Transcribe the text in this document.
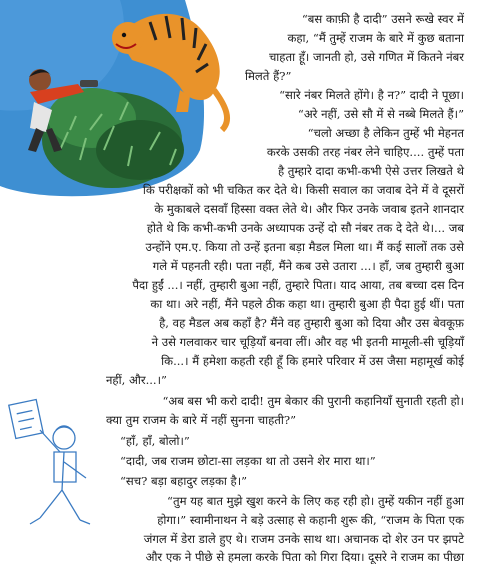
“बस काफ़ी है दादी” उसने रूखे स्वर में
कहा, “मैं तुम्हें राजम के बारे में कुछ बताना
चाहता हूँ। जानती हो, उसे गणित में कितने नंबर
मिलते हैं?”
“सारे नंबर मिलते होंगे। है न?” दादी ने पूछा।
“अरे नहीं, उसे सौ में से नब्बे मिलते हैं।”
“चलो अच्छा है लेकिन तुम्हें भी मेहनत
करके उसकी तरह नंबर लेने चाहिए.... तुम्हें पता
है तुम्हारे दादा कभी-कभी ऐसे उत्तर लिखते थे
कि परीक्षकों को भी चकित कर देते थे। किसी सवाल का जवाब देने में वे दूसरों
के मुकाबले दसवाँ हिस्सा वक्त लेते थे। और फिर उनके जवाब इतने शानदार
होते थे कि कभी-कभी उनके अध्यापक उन्हें दो सौ नंबर तक दे देते थे।... जब
उन्होंने एम.ए. किया तो उन्हें इतना बड़ा मैडल मिला था। मैं कई सालों तक उसे
गले में पहनती रही। पता नहीं, मैंने कब उसे उतारा ...। हाँ, जब तुम्हारी बुआ
पैदा हुईं ...। नहीं, तुम्हारी बुआ नहीं, तुम्हारे पिता। याद आया, तब बच्चा दस दिन
का था। अरे नहीं, मैंने पहले ठीक कहा था। तुम्हारी बुआ ही पैदा हुई थीं। पता
है, वह मैडल अब कहाँ है? मैंने वह तुम्हारी बुआ को दिया और उस बेवकूफ़
ने उसे गलवाकर चार चूड़ियाँ बनवा लीं। और वह भी इतनी मामूली-सी चूड़ियाँ
कि...। मैं हमेशा कहती रही हूँ कि हमारे परिवार में उस जैसा महामूर्ख कोई
नहीं, और...।”
“अब बस भी करो दादी! तुम बेकार की पुरानी कहानियाँ सुनाती रहती हो।
क्या तुम राजम के बारे में नहीं सुनना चाहती?”
“हाँ, हाँ, बोलो।”
“दादी, जब राजम छोटा-सा लड़का था तो उसने शेर मारा था।”
“सच? बड़ा बहादुर लड़का है।”
“तुम यह बात मुझे खुश करने के लिए कह रही हो। तुम्हें यकीन नहीं हुआ
होगा।” स्वामीनाथन ने बड़े उत्साह से कहानी शुरू की, “राजम के पिता एक
जंगल में डेरा डाले हुए थे। राजम उनके साथ था। अचानक दो शेर उन पर झपटे
और एक ने पीछे से हमला करके पिता को गिरा दिया। दूसरे ने राजम का पीछा
